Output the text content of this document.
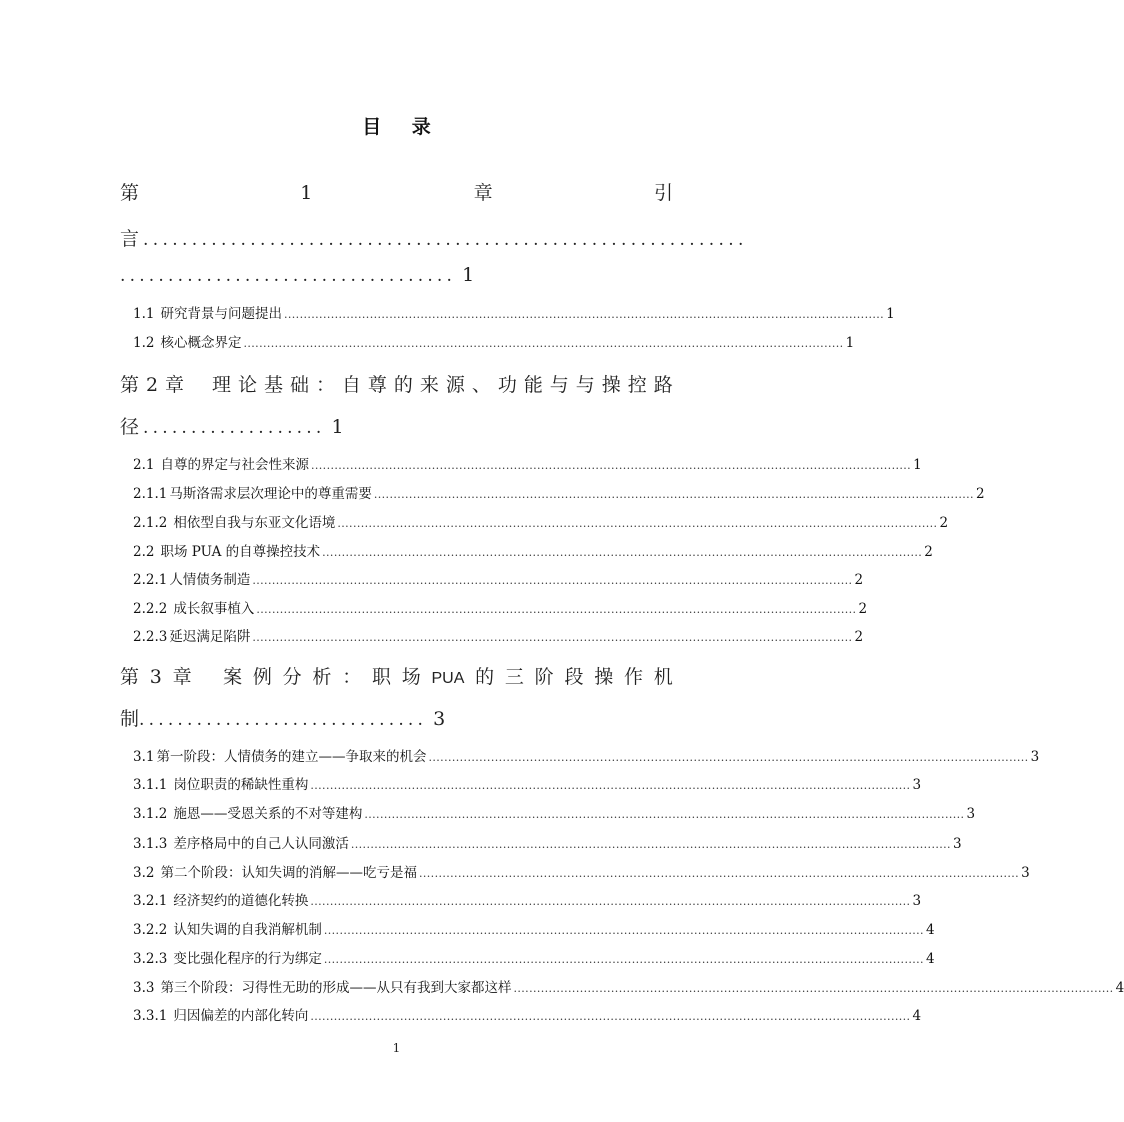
目 录
第	1	章	引
言 ..............................................................
................................... 1
1.1 研究背景与问题提出 .......................................................................................................................................................... 1
1.2 核心概念界定 .......................................................................................................................................................... 1
第 2 章 理 论 基 础 ： 自 尊 的 来 源 、 功 能 与 与 操 控 路
径 ................... 1
2.1 自尊的界定与社会性来源 .......................................................................................................................................................... 1
2.1.1 马斯洛需求层次理论中的尊重需要 .......................................................................................................................................................... 2
2.1.2 相依型自我与东亚文化语境 .......................................................................................................................................................... 2
2.2 职场 PUA 的自尊操控技术 .......................................................................................................................................................... 2
2.2.1 人情债务制造 .......................................................................................................................................................... 2
2.2.2 成长叙事植入 .......................................................................................................................................................... 2
2.2.3 延迟满足陷阱 .......................................................................................................................................................... 2
第 3 章 案 例 分 析 ： 职 场 PUA 的 三 阶 段 操 作 机
制 .............................. 3
3.1 第一阶段：人情债务的建立——争取来的机会 .......................................................................................................................................................... 3
3.1.1 岗位职责的稀缺性重构 .......................................................................................................................................................... 3
3.1.2 施恩——受恩关系的不对等建构 .......................................................................................................................................................... 3
3.1.3 差序格局中的自己人认同激活 .......................................................................................................................................................... 3
3.2 第二个阶段：认知失调的消解——吃亏是福 .......................................................................................................................................................... 3
3.2.1 经济契约的道德化转换 .......................................................................................................................................................... 3
3.2.2 认知失调的自我消解机制 .......................................................................................................................................................... 4
3.2.3 变比强化程序的行为绑定 .......................................................................................................................................................... 4
3.3 第三个阶段：习得性无助的形成——从只有我到大家都这样 .......................................................................................................................................................... 4
3.3.1 归因偏差的内部化转向 .......................................................................................................................................................... 4
1
